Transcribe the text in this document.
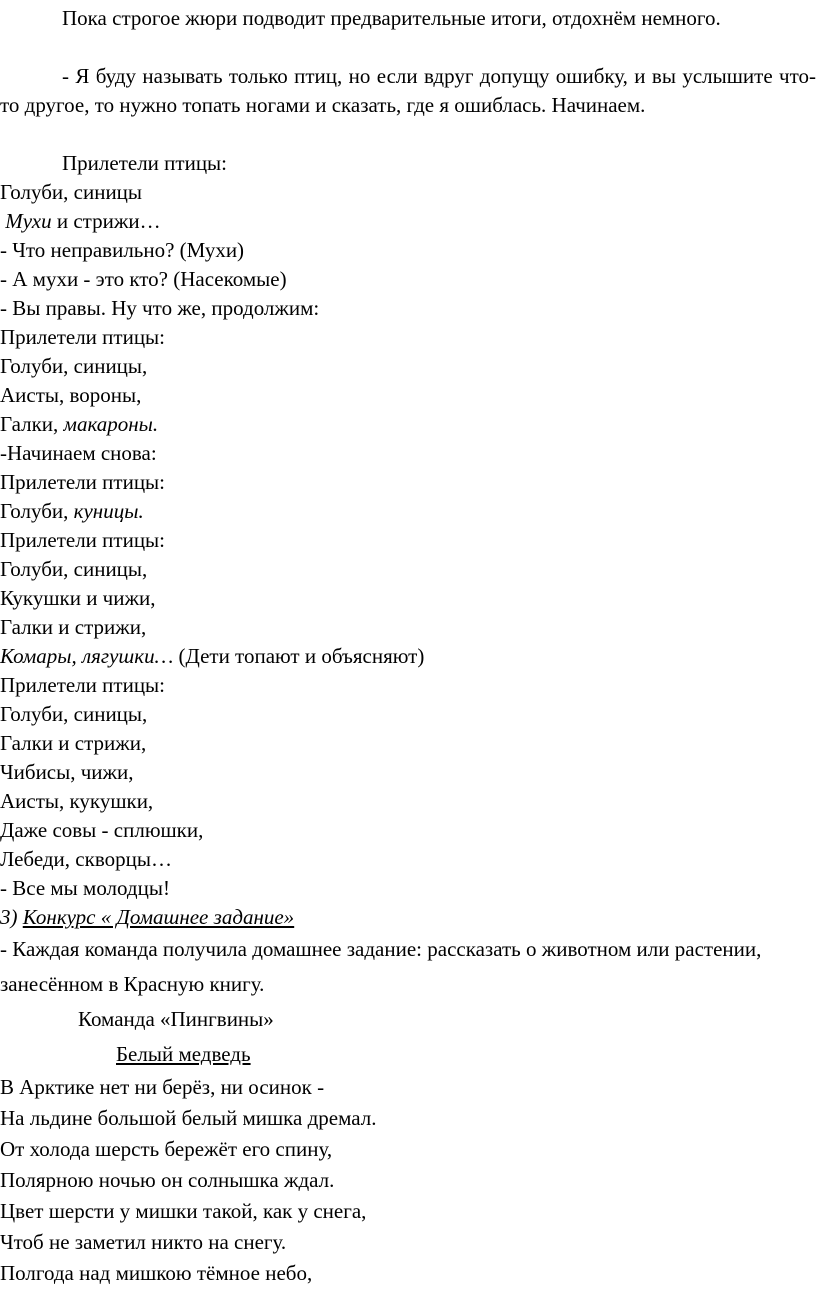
Пока строгое жюри подводит предварительные итоги, отдохнём немного.

- Я буду называть только птиц, но если вдруг допущу ошибку, и вы услышите что-то другое, то нужно топать ногами и сказать, где я ошиблась. Начинаем.

Прилетели птицы:

Голуби, синицы

Мухи и стрижи…

- Что неправильно? (Мухи)

- А мухи - это кто? (Насекомые)

- Вы правы. Ну что же, продолжим:

Прилетели птицы:

Голуби, синицы,

Аисты, вороны,

Галки, макароны.

-Начинаем снова:

Прилетели птицы:

Голуби, куницы.

Прилетели птицы:

Голуби, синицы,

Кукушки и чижи,

Галки и стрижи,

Комары, лягушки… (Дети топают и объясняют)

Прилетели птицы:

Голуби, синицы,

Галки и стрижи,

Чибисы, чижи,

Аисты, кукушки,

Даже совы - сплюшки,

Лебеди, скворцы…

- Все мы молодцы!

3) Конкурс « Домашнее задание»

- Каждая команда получила домашнее задание: рассказать о животном или растении, занесённом в Красную книгу.

Команда «Пингвины»

Белый медведь

В Арктике нет ни берёз, ни осинок -

На льдине большой белый мишка дремал.

От холода шерсть бережёт его спину,

Полярною ночью он солнышка ждал.

Цвет шерсти у мишки такой, как у снега,

Чтоб не заметил никто на снегу.

Полгода над мишкою тёмное небо,
